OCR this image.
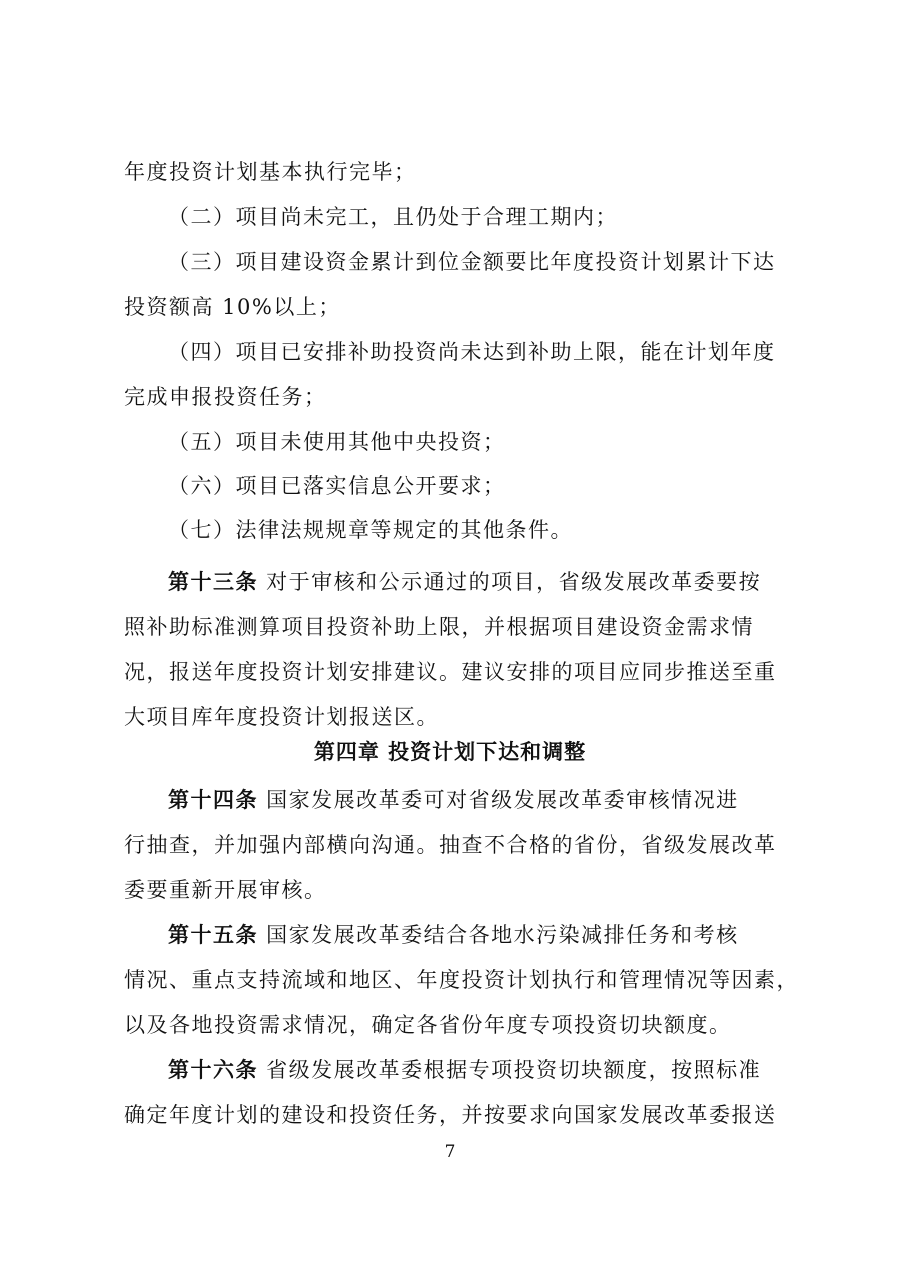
年度投资计划基本执行完毕；
（二）项目尚未完工，且仍处于合理工期内；
（三）项目建设资金累计到位金额要比年度投资计划累计下达
投资额高 10%以上；
（四）项目已安排补助投资尚未达到补助上限，能在计划年度
完成申报投资任务；
（五）项目未使用其他中央投资；
（六）项目已落实信息公开要求；
（七）法律法规规章等规定的其他条件。
第十三条 对于审核和公示通过的项目，省级发展改革委要按
照补助标准测算项目投资补助上限，并根据项目建设资金需求情
况，报送年度投资计划安排建议。建议安排的项目应同步推送至重
大项目库年度投资计划报送区。
第四章 投资计划下达和调整
第十四条 国家发展改革委可对省级发展改革委审核情况进
行抽查，并加强内部横向沟通。抽查不合格的省份，省级发展改革
委要重新开展审核。
第十五条 国家发展改革委结合各地水污染减排任务和考核
情况、重点支持流域和地区、年度投资计划执行和管理情况等因素，
以及各地投资需求情况，确定各省份年度专项投资切块额度。
第十六条 省级发展改革委根据专项投资切块额度，按照标准
确定年度计划的建设和投资任务，并按要求向国家发展改革委报送
7
